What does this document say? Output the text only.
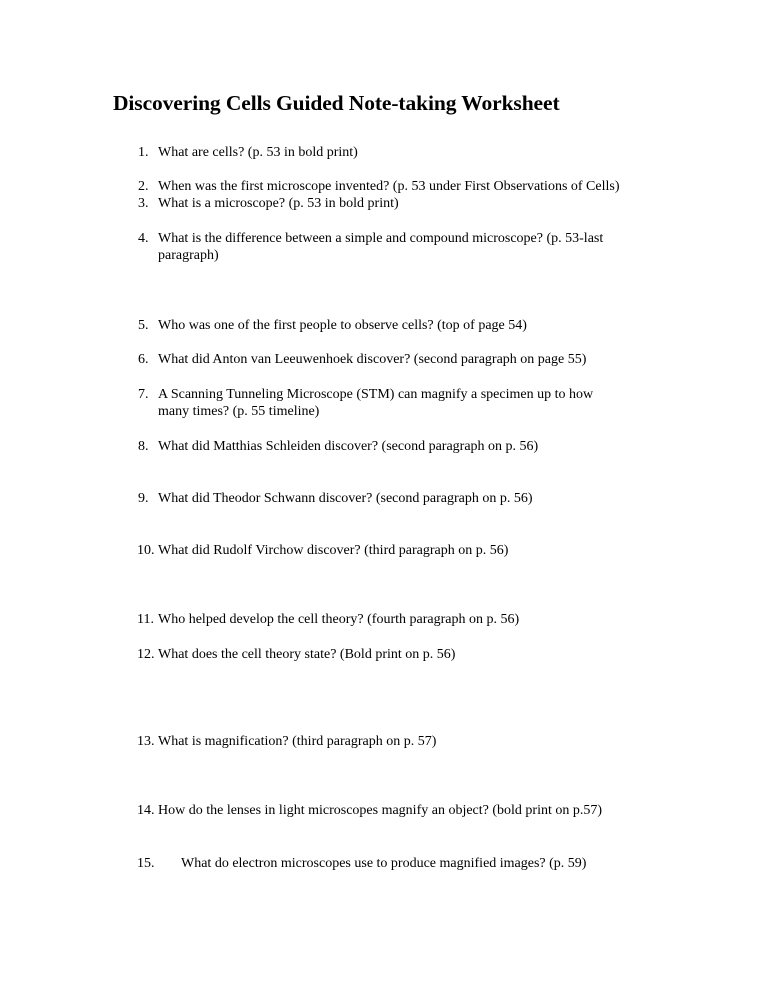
Discovering Cells Guided Note-taking Worksheet
1. What are cells? (p. 53 in bold print)
2. When was the first microscope invented? (p. 53 under First Observations of Cells)
3. What is a microscope? (p. 53 in bold print)
4. What is the difference between a simple and compound microscope? (p. 53-last
paragraph)
5. Who was one of the first people to observe cells? (top of page 54)
6. What did Anton van Leeuwenhoek discover? (second paragraph on page 55)
7. A Scanning Tunneling Microscope (STM) can magnify a specimen up to how
many times? (p. 55 timeline)
8. What did Matthias Schleiden discover? (second paragraph on p. 56)
9. What did Theodor Schwann discover? (second paragraph on p. 56)
10. What did Rudolf Virchow discover? (third paragraph on p. 56)
11. Who helped develop the cell theory? (fourth paragraph on p. 56)
12. What does the cell theory state? (Bold print on p. 56)
13. What is magnification? (third paragraph on p. 57)
14. How do the lenses in light microscopes magnify an object? (bold print on p.57)
15. What do electron microscopes use to produce magnified images? (p. 59)
